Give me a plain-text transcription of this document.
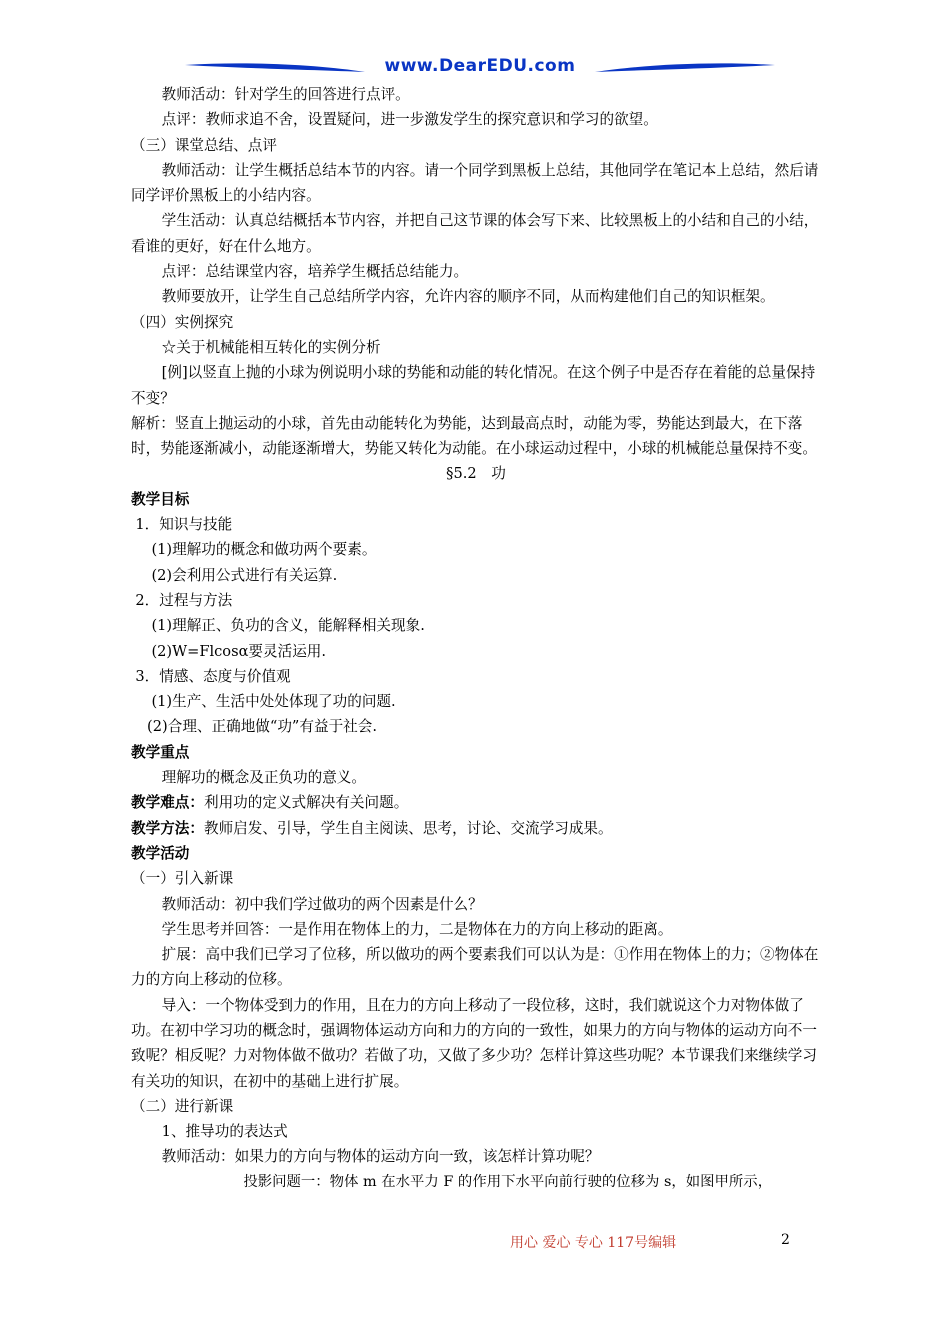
www.DearEDU.com

教师活动：针对学生的回答进行点评。

点评：教师求追不舍，设置疑问，进一步激发学生的探究意识和学习的欲望。

（三）课堂总结、点评

教师活动：让学生概括总结本节的内容。请一个同学到黑板上总结，其他同学在笔记本上总结，然后请同学评价黑板上的小结内容。

学生活动：认真总结概括本节内容，并把自己这节课的体会写下来、比较黑板上的小结和自己的小结，看谁的更好，好在什么地方。

点评：总结课堂内容，培养学生概括总结能力。

教师要放开，让学生自己总结所学内容，允许内容的顺序不同，从而构建他们自己的知识框架。

（四）实例探究

☆关于机械能相互转化的实例分析

[例]以竖直上抛的小球为例说明小球的势能和动能的转化情况。在这个例子中是否存在着能的总量保持不变？

解析：竖直上抛运动的小球，首先由动能转化为势能，达到最高点时，动能为零，势能达到最大，在下落时，势能逐渐减小，动能逐渐增大，势能又转化为动能。在小球运动过程中，小球的机械能总量保持不变。

§5.2　功

教学目标

1．知识与技能

(1)理解功的概念和做功两个要素。

(2)会利用公式进行有关运算.

2．过程与方法

(1)理解正、负功的含义，能解释相关现象.

(2)W=Flcosα要灵活运用.

3．情感、态度与价值观

(1)生产、生活中处处体现了功的问题.

(2)合理、正确地做“功”有益于社会.

教学重点

理解功的概念及正负功的意义。

教学难点：利用功的定义式解决有关问题。

教学方法：教师启发、引导，学生自主阅读、思考，讨论、交流学习成果。

教学活动

（一）引入新课

教师活动：初中我们学过做功的两个因素是什么？

学生思考并回答：一是作用在物体上的力，二是物体在力的方向上移动的距离。

扩展：高中我们已学习了位移，所以做功的两个要素我们可以认为是：①作用在物体上的力；②物体在力的方向上移动的位移。

导入：一个物体受到力的作用，且在力的方向上移动了一段位移，这时，我们就说这个力对物体做了功。在初中学习功的概念时，强调物体运动方向和力的方向的一致性，如果力的方向与物体的运动方向不一致呢？相反呢？力对物体做不做功？若做了功，又做了多少功？怎样计算这些功呢？本节课我们来继续学习有关功的知识，在初中的基础上进行扩展。

（二）进行新课

1、推导功的表达式

教师活动：如果力的方向与物体的运动方向一致，该怎样计算功呢？

投影问题一：物体 m 在水平力 F 的作用下水平向前行驶的位移为 s，如图甲所示，

用心 爱心 专心 117号编辑	2
